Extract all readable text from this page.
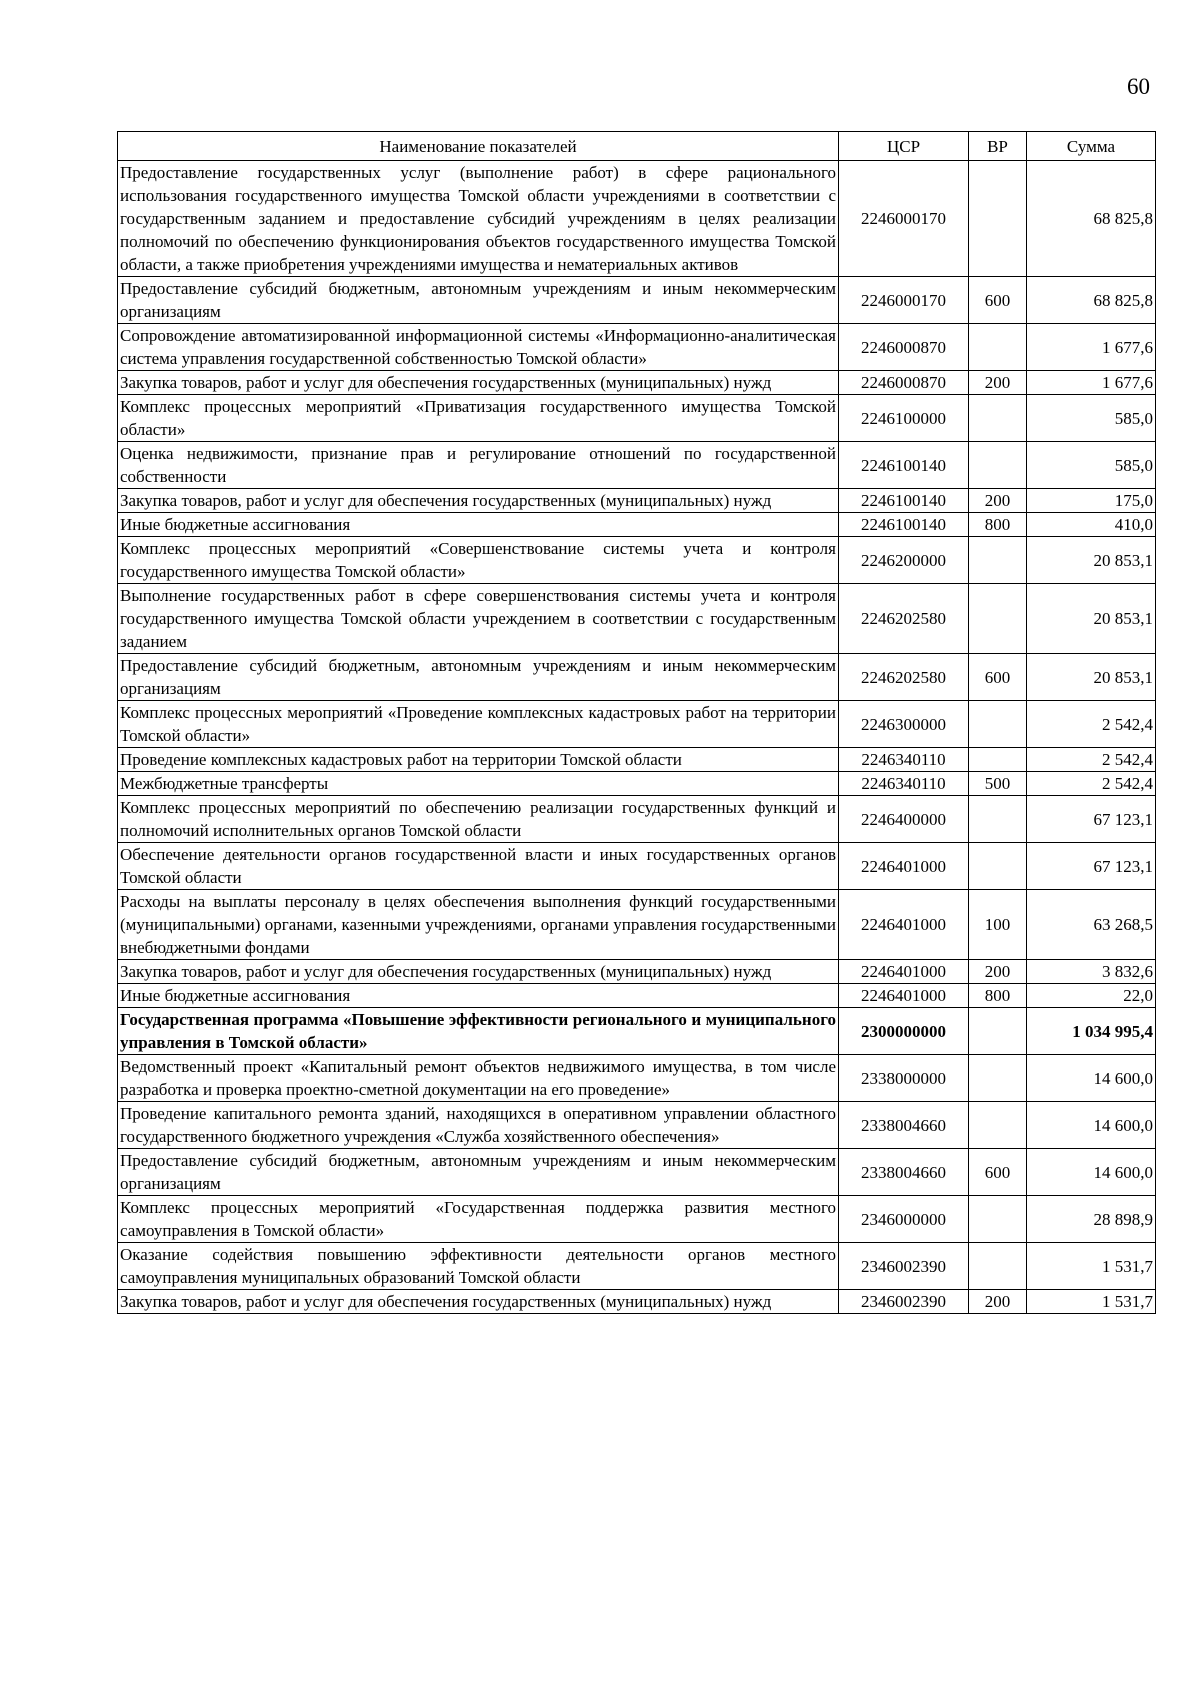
60
Наименование показателей	ЦСР	ВР	Сумма
Предоставление государственных услуг (выполнение работ) в сфере рационального использования государственного имущества Томской области учреждениями в соответствии с государственным заданием и предоставление субсидий учреждениям в целях реализации полномочий по обеспечению функционирования объектов государственного имущества Томской области, а также приобретения учреждениями имущества и нематериальных активов	2246000170		68 825,8
Предоставление субсидий бюджетным, автономным учреждениям и иным некоммерческим организациям	2246000170	600	68 825,8
Сопровождение автоматизированной информационной системы «Информационно-аналитическая система управления государственной собственностью Томской области»	2246000870		1 677,6
Закупка товаров, работ и услуг для обеспечения государственных (муниципальных) нужд	2246000870	200	1 677,6
Комплекс процессных мероприятий «Приватизация государственного имущества Томской области»	2246100000		585,0
Оценка недвижимости, признание прав и регулирование отношений по государственной собственности	2246100140		585,0
Закупка товаров, работ и услуг для обеспечения государственных (муниципальных) нужд	2246100140	200	175,0
Иные бюджетные ассигнования	2246100140	800	410,0
Комплекс процессных мероприятий «Совершенствование системы учета и контроля государственного имущества Томской области»	2246200000		20 853,1
Выполнение государственных работ в сфере совершенствования системы учета и контроля государственного имущества Томской области учреждением в соответствии с государственным заданием	2246202580		20 853,1
Предоставление субсидий бюджетным, автономным учреждениям и иным некоммерческим организациям	2246202580	600	20 853,1
Комплекс процессных мероприятий «Проведение комплексных кадастровых работ на территории Томской области»	2246300000		2 542,4
Проведение комплексных кадастровых работ на территории Томской области	2246340110		2 542,4
Межбюджетные трансферты	2246340110	500	2 542,4
Комплекс процессных мероприятий по обеспечению реализации государственных функций и полномочий исполнительных органов Томской области	2246400000		67 123,1
Обеспечение деятельности органов государственной власти и иных государственных органов Томской области	2246401000		67 123,1
Расходы на выплаты персоналу в целях обеспечения выполнения функций государственными (муниципальными) органами, казенными учреждениями, органами управления государственными внебюджетными фондами	2246401000	100	63 268,5
Закупка товаров, работ и услуг для обеспечения государственных (муниципальных) нужд	2246401000	200	3 832,6
Иные бюджетные ассигнования	2246401000	800	22,0
Государственная программа «Повышение эффективности регионального и муниципального управления в Томской области»	2300000000		1 034 995,4
Ведомственный проект «Капитальный ремонт объектов недвижимого имущества, в том числе разработка и проверка проектно-сметной документации на его проведение»	2338000000		14 600,0
Проведение капитального ремонта зданий, находящихся в оперативном управлении областного государственного бюджетного учреждения «Служба хозяйственного обеспечения»	2338004660		14 600,0
Предоставление субсидий бюджетным, автономным учреждениям и иным некоммерческим организациям	2338004660	600	14 600,0
Комплекс процессных мероприятий «Государственная поддержка развития местного самоуправления в Томской области»	2346000000		28 898,9
Оказание содействия повышению эффективности деятельности органов местного самоуправления муниципальных образований Томской области	2346002390		1 531,7
Закупка товаров, работ и услуг для обеспечения государственных (муниципальных) нужд	2346002390	200	1 531,7
